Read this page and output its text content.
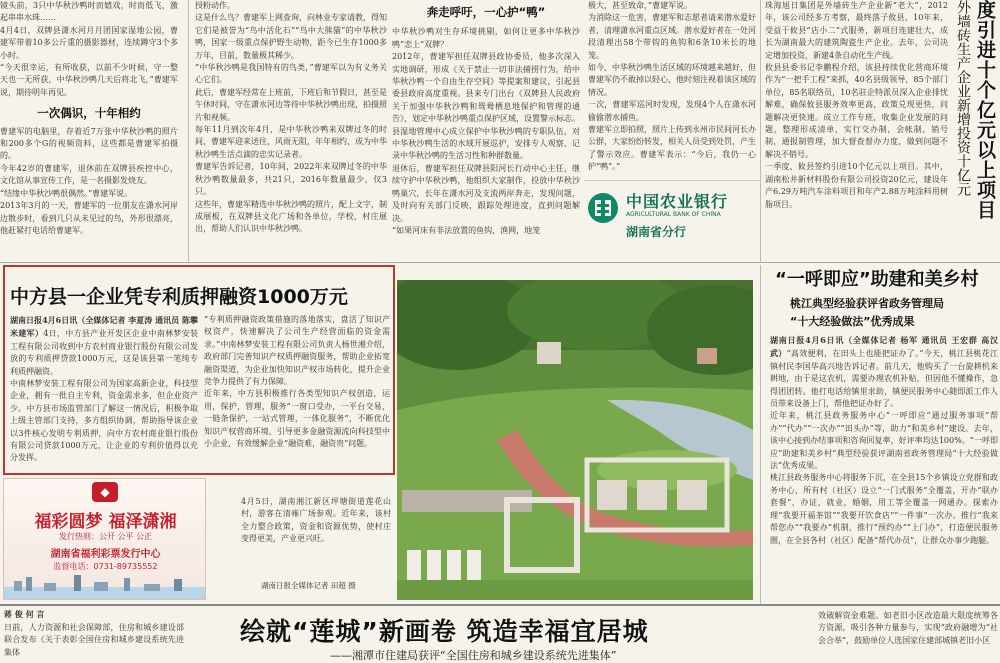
镜头前，3只中华秋沙鸭时而嬉戏，时而低飞，激起串串水珠……

4月4日，双牌县潇水河月月团国家湿地公园，曹建军带着10多公斤重的摄影器材，连续蹲守3个多小时。

“今天很幸运，有所收获，以前不少时候，守一整天也一无所获，中华秋沙鸭几天后将北飞，”曹建军说，期待明年再见。

一次偶识，十年相约

曹建军的电脑里，存着近7万张中华秋沙鸭的照片和200多个G的视频资料，这些都是曹建军拍摄的。

今年42岁的曹建军，退休前在双牌县疾控中心，文化馆从事宣传工作，是一名摄影发烧友。

“结缘中华秋沙鸭很偶然。”曹建军说。

2013年3月的一天，曹建军的一位朋友在潇水河岸边散步时，看到几只从未见过的鸟，外形很漂亮，他赶紧打电话给曹建军。

授粉动作。

这是什么鸟？曹建军上网查询，向林业专家请教，得知它们是被誉为“鸟中活化石”“鸟中大熊猫”的中华秋沙鸭，国家一级重点保护野生动物，距今已生存1000多万年，目前，数量极其稀少。

“中华秋沙鸭是我国特有的鸟类，”曹建军以为有义务关心它们。

此后，曹建军经常在上班前，下班后和节假日，甚至是午休时间，守在潇水河边等待中华秋沙鸭出现，拍摄照片和视频。

每年11月到次年4月，是中华秋沙鸭来双牌过冬的时间，曹建军迎来送往，风雨无阻，年年相约，成为中华秋沙鸭生活点滴的忠实记录者。

曹建军告诉记者，10年间，2022年来双牌过冬的中华秋沙鸭数量最多，共21只，2016年数量最少，仅3只。

这些年，曹建军精选中华秋沙鸭的照片，配上文字，制成展板，在双牌县文化广场和各单位，学校，村庄展出，帮助人们认识中华秋沙鸭。

奔走呼吁，一心护“鸭”

中华秋沙鸭对生存环境挑剔，如何让更多中华秋沙鸭“恋上”双牌？

2012年，曹建军担任双牌县政协委员，他多次深入实地调研，形成《关于禁止一切非法捕捞行为，给中华秋沙鸭一个自由生存空间》等提案和建议，引起县委县政府高度重视。县来专门出台《双牌县人民政府关于加强中华秋沙鸭和鸳鸯栖息地保护和管理的通告》，划定中华秋沙鸭重点保护区域，设置警示标志。县湿地管理中心成立保护中华秋沙鸭的专职队伍，对中华秋沙鸭生活的水域开展巡护，安排专人观察、记录中华秋沙鸭的生活习性和种群数量。

退休后，曹建军担任双牌县阳河长行动中心主任，继续守护中华秋沙鸭，他组织大家制作，投放中华秋沙鸭巢穴，长年在潇水河及支流两岸奔走，发现问题，及时向有关部门反映，跟踪处理进度，直到问题解决。

“如果河床有非法放置的鱼钩，渔网，地笼

极大，甚至致命，”曹建军说。

为消除这一危害，曹建军和志愿者请来潜水爱好者，清理潇水河重点区域。潜水爱好者在一处河段清理出58个带钩的鱼钩和6条10米长的地笼。

如今，中华秋沙鸭生活区域的环境越来越好，但曹建军仍不敢掉以轻心，他时刻注视着该区域的情况。

一次，曹建军巡河时发现，发现4个人在潇水河偷偷潜水捕鱼。

曹建军立即拍照，照片上传到永州市民间河长办公群，大家纷纷转发，相关人员受到处罚，产生了警示效应。曹建军表示：“今后，我仍一心护“鸭”。”

中国农业银行
AGRICULTURAL BANK OF CHINA
湖南省分行

珠海旭日集团是外墙砖生产企业新“老大”，2012年，该公司经多方考察，最终落子攸县，10年来，受益于攸县“店小二”式服务，新项目连建壮大，成长为湖南最大的建筑陶瓷生产企业。去年，公司决定增加投资，新建4条自动化生产线。

攸县县委书记李鹏程介绍，该县持续优化营商环境作为“一把手工程”来抓，40名县级领导，85个部门单位，85名联络员，10名驻企特派员深入企业排忧解难，确保攸县服务效率更高，政策兑现更快，问题解决更快速。成立工作专班，收集企业发展的问题，整理形成清单，实行交办制，会帐制，销号制，通报制管理，加大督查督办力度，做到问题不解决不销号。

一季度，攸县签约引进10个亿元以上项目。其中，湖南松井新材料股份有限公司投资20亿元，建设年产6.29万吨汽车涂料项目和年产2.88万吨涂料用树脂项目。	度引进十个亿元以上项目
外墙砖生产企业新增投资十亿元
中方县一企业凭专利质押融资1000万元

湖南日报4月6日讯（全媒体记者 李夏涛 通讯员 陈攀 米建军）4日，中方县产业开发区企业中南林梦安装工程有限公司收到中方农村商业银行股份有限公司发放的专利质押贷款1000万元，这是该县第一笔纯专利质押融资。

中南林梦安装工程有限公司为国家高新企业，科技型企业，拥有一批自主专利，资金需求多，但企业资产少。中方县市场监管部门了解这一情况后，积极争取上级主管部门支持，多方组织协调，帮助指导该企业以3件核心发明专利质押，向中方农村商业银行股份有限公司贷款1000万元，让企业的专利价值得以充分发挥。

“专利质押融资政策措施的落地落实，盘活了知识产权资产，快速解决了公司生产经营面临的资金需求。”中南林梦安装工程有限公司负责人杨世湘介绍，政府部门完善知识产权质押融资服务，帮助企业拓宽融资渠道，为企业加快知识产权市场转化，提升企业竞争力提供了有力保障。

近年来，中方县积极推行各类型知识产权创造，运用，保护，管理，服务“一窗口受办，一平台交易，一链条保护，一站式管理，一体化服务”，不断优化知识产权营商环境，引导更多金融资源流向科技型中小企业，有效缓解企业“融资难，融资贵”问题。

◆
福彩圆梦 福泽潇湘
发行热则：公开 公平 公正
湖南省福利彩票发行中心
监督电话：0731-89735552

4月5日，湖南湘江新区坪塘街道莲花山村，游客在清雍广场参观。近年来，该村全力整合政策，资金和资源优势，使村庄变得更美，产业更兴旺。

湖南日报全媒体记者 田超 摄
“一呼即应”助建和美乡村
桃江典型经验获评省政务管理局
“十大经验做法”优秀成果

湖南日报4月6日讯（全媒体记者 杨军 通讯员 王宏群 高汉武）“高效便利，在田头上也能把证办了。”今天，桃江县桃花江镇村民李国华高兴地告诉记者。前几天，他购买了一台旋耕机来耕地，由于是这农机，需要办理农机补贴，但因他不懂操作，急得团团转。他打电话给镇里求助，镇便民服务中心随即派工作人员带来设备上门，帮他把证办好了。

近年来，桃江县政务服务中心“一呼即应”通过服务事项“帮办”“代办”“一次办”“田头办”等，助力“和美乡村”建设。去年，该中心接到办结事项和咨询回复率，好评率均达100%。“一呼即应”助建和美乡村”典型经验获评湖南省政务管理局“十大经验做法”优秀成果。

桃江县政务服务中心将服务下沉，在全县15个乡镇设立党群和政务中心，所有村（社区）设立“一门式服务”全覆盖，开办“联办套餐”，办证，就业，婚姻，用工等全覆盖一网通办。探索办理“我要开福茶馆”“我要开饮食店”“一件事”一次办。推行“我来帮您办”“我要办”机制，推行“预约办”“上门办”，打造便民服务圈，在全县各村（社区）配备“帮代办员”，让群众办事少跑腿。

蒋 俊 何 言

日前，人力资源和社会保障部，住房和城乡建设部联合发布《关于表彰全国住房和城乡建设系统先进集体

绘就“莲城”新画卷 筑造幸福宜居城
——湘潭市住建局获评“全国住房和城乡建设系统先进集体”

效破解资金难题。如老旧小区改造最大限度统筹各方资源，吸引各种力量参与，实现“政府融增为“社会合举”，鼓励单位人选国家住建部城镇老旧小区
